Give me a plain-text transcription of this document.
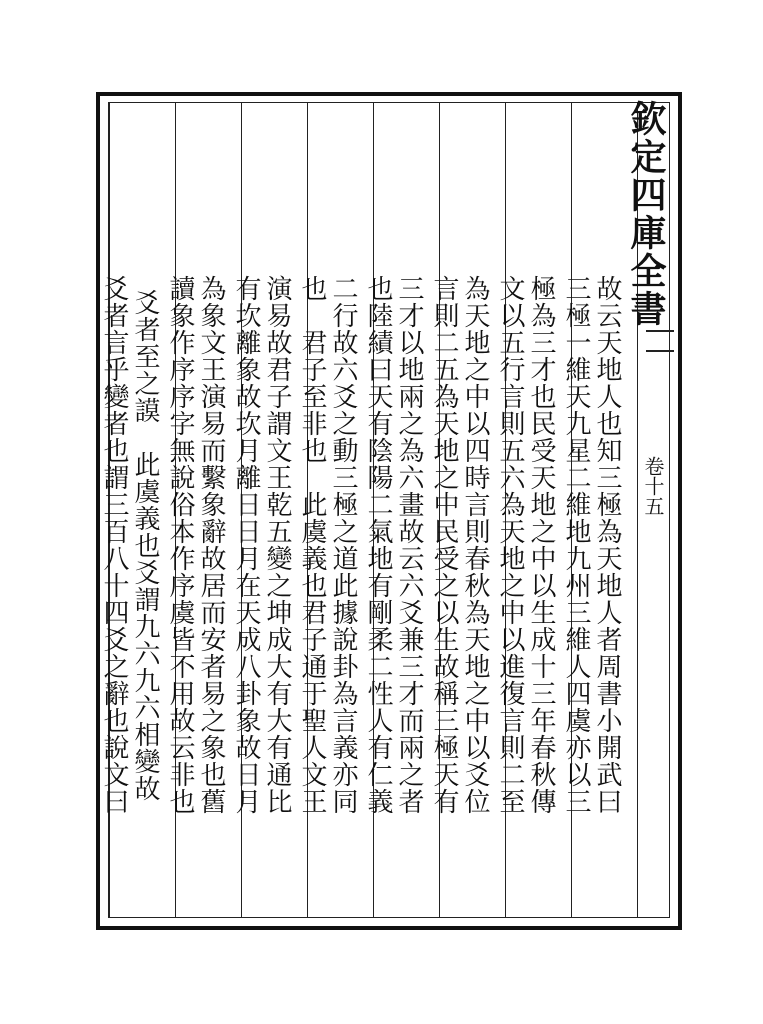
故云天地人也知三極為天地人者周書小開武曰
三極一維天九星二維地九州三維人四虞亦以三
極為三才也民受天地之中以生成十三年春秋傳
文以五行言則五六為天地之中以進復言則二至
為天地之中以四時言則春秋為天地之中以爻位
言則二五為天地之中民受之以生故稱三極天有
三才以地兩之為六畫故云六爻兼三才而兩之者
也陸績曰天有陰陽二氣地有剛柔二性人有仁義
二行故六爻之動三極之道此據說卦為言義亦同
也　君子至非也　此虞義也君子通于聖人文王
演易故君子謂文王乾五變之坤成大有大有通比
有坎離象故坎月離日日月在天成八卦象故日月
為象文王演易而繫象辭故居而安者易之象也舊
讀象作序序字無說俗本作序虞皆不用故云非也
爻者至之謨　此虞義也爻謂九六九六相變故
爻者言乎變者也謂三百八十四爻之辭也說文曰
欽定四庫全書
卷十五
